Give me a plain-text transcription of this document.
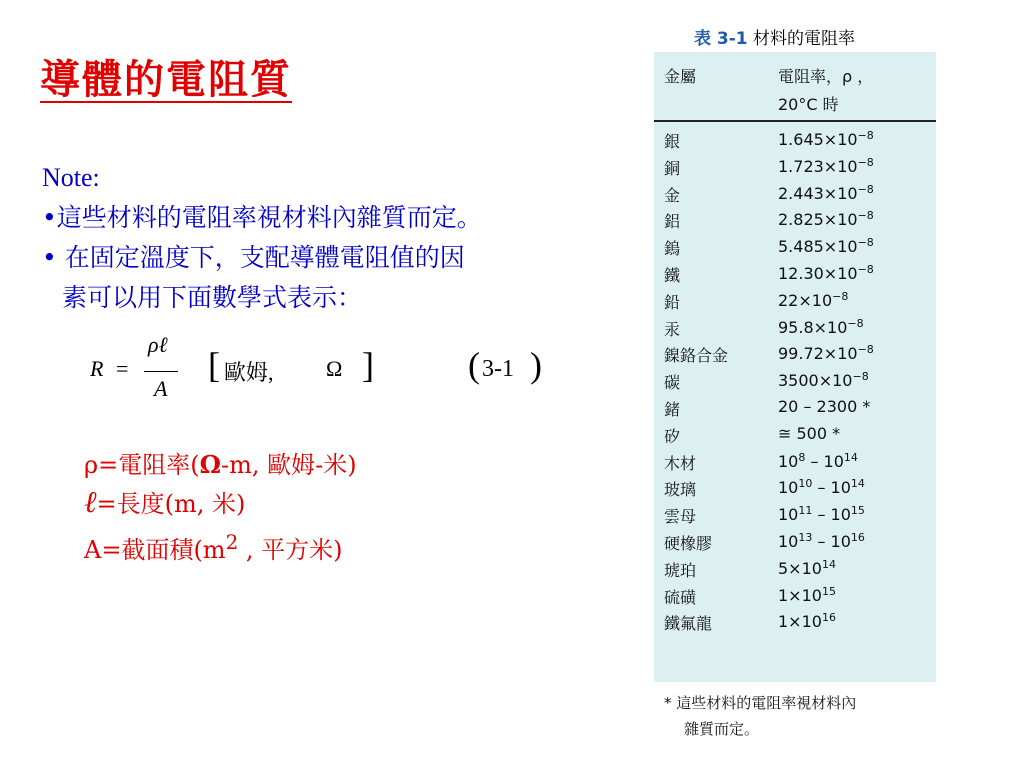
導體的電阻質
Note:
•這些材料的電阻率視材料內雜質而定。
• 在固定溫度下，支配導體電阻值的因
素可以用下面數學式表示：
R =
ρℓ
A
[ 歐姆, Ω ]	( 3-1 )
ρ=電阻率(Ω-m, 歐姆-米)
ℓ=長度(m, 米)
A=截面積($m^2$ , 平方米)
表 3-1 材料的電阻率
金屬	電阻率，ρ ，
20°C 時
銀	$1.645\times 10^{-8}$
銅	$1.723\times 10^{-8}$
金	$2.443\times 10^{-8}$
鋁	$2.825\times 10^{-8}$
鎢	$5.485\times 10^{-8}$
鐵	$12.30\times 10^{-8}$
鉛	$22\times 10^{-8}$
汞	$95.8\times 10^{-8}$
鎳鉻合金	$99.72\times 10^{-8}$
碳	$3500\times 10^{-8}$
鍺	20 – 2300 *
矽	≅ 500 *
木材	$10^8 - 10^{14}$
玻璃	$10^{10} - 10^{14}$
雲母	$10^{11} - 10^{15}$
硬橡膠	$10^{13} - 10^{16}$
琥珀	$5\times 10^{14}$
硫磺	$1\times 10^{15}$
鐵氟龍	$1\times 10^{16}$
* 這些材料的電阻率視材料內
雜質而定。
